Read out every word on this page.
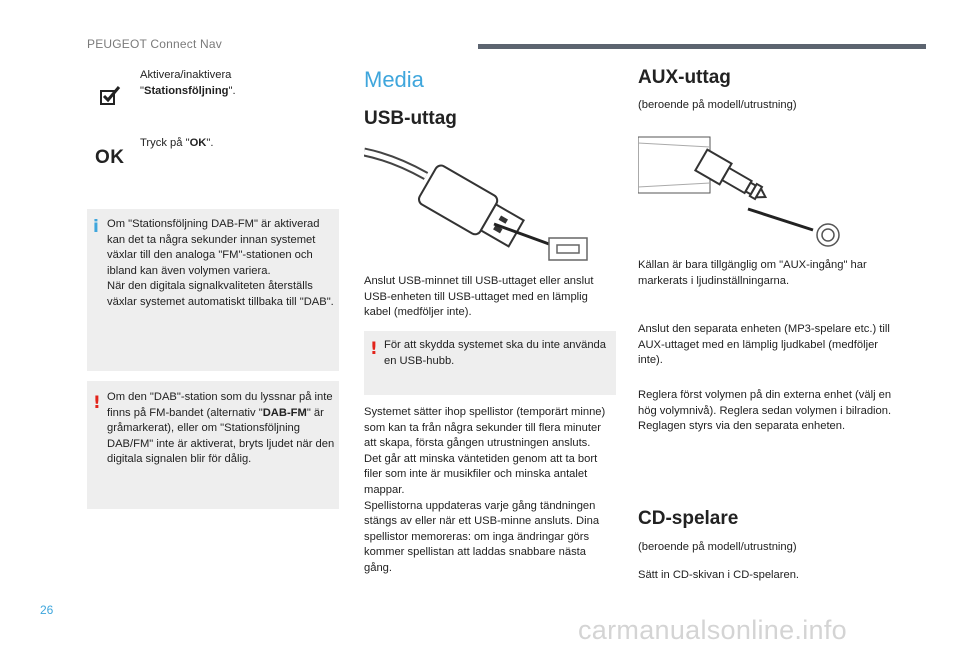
PEUGEOT Connect Nav
Aktivera/inaktivera
"Stationsföljning".
OK
Tryck på "OK".
i Om "Stationsföljning DAB-FM" är aktiverad kan det ta några sekunder innan systemet växlar till den analoga "FM"-stationen och ibland kan även volymen variera.
När den digitala signalkvaliteten återställs växlar systemet automatiskt tillbaka till "DAB".
! Om den "DAB"-station som du lyssnar på inte finns på FM-bandet (alternativ "DAB-FM" är gråmarkerat), eller om "Stationsföljning DAB/FM" inte är aktiverat, bryts ljudet när den digitala signalen blir för dålig.
Media
USB-uttag
Anslut USB-minnet till USB-uttaget eller anslut USB-enheten till USB-uttaget med en lämplig kabel (medföljer inte).
! För att skydda systemet ska du inte använda en USB-hubb.
Systemet sätter ihop spellistor (temporärt minne) som kan ta från några sekunder till flera minuter att skapa, första gången utrustningen ansluts.
Det går att minska väntetiden genom att ta bort filer som inte är musikfiler och minska antalet mappar.
Spellistorna uppdateras varje gång tändningen stängs av eller när ett USB-minne ansluts. Dina spellistor memoreras: om inga ändringar görs kommer spellistan att laddas snabbare nästa gång.
AUX-uttag
(beroende på modell/utrustning)
Källan är bara tillgänglig om "AUX-ingång" har markerats i ljudinställningarna.
Anslut den separata enheten (MP3-spelare etc.) till AUX-uttaget med en lämplig ljudkabel (medföljer inte).
Reglera först volymen på din externa enhet (välj en hög volymnivå). Reglera sedan volymen i bilradion.
Reglagen styrs via den separata enheten.
CD-spelare
(beroende på modell/utrustning)
Sätt in CD-skivan i CD-spelaren.
26
carmanualsonline.info
